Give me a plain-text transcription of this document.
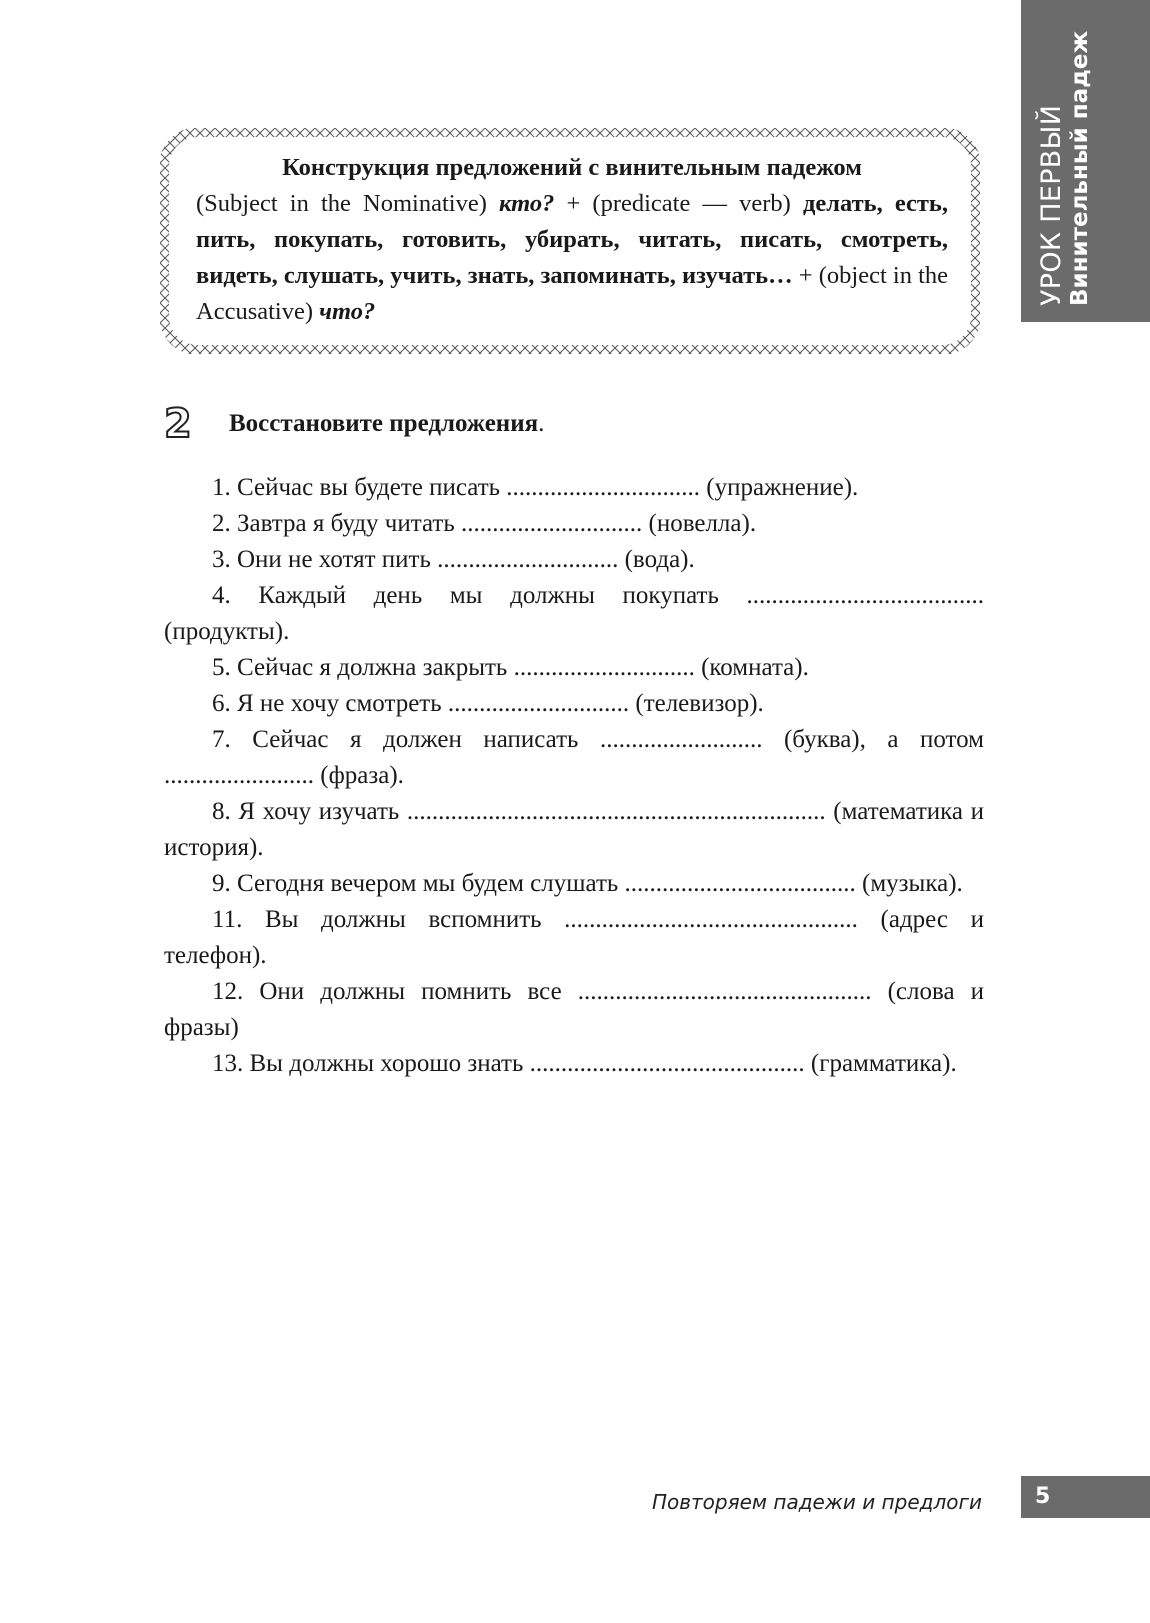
УРОК ПЕРВЫЙ Винительный падеж
Конструкция предложений с винительным падежом
(Subject in the Nominative) кто? + (predicate — verb) делать, есть, пить, покупать, готовить, убирать, читать, писать, смотреть, видеть, слушать, учить, знать, запоминать, изучать… + (object in the Accusative) что?
2 Восстановите предложения.

1. Сейчас вы будете писать ............................... (упражнение).

2. Завтра я буду читать ............................. (новелла).

3. Они не хотят пить ............................. (вода).

4. Каждый день мы должны покупать ...................................... (продукты).

5. Сейчас я должна закрыть ............................. (комната).

6. Я не хочу смотреть ............................. (телевизор).

7. Сейчас я должен написать .......................... (буква), а потом ........................ (фраза).

8. Я хочу изучать ................................................................... (математика и история).

9. Сегодня вечером мы будем слушать ..................................... (музыка).

11. Вы должны вспомнить ............................................... (адрес и телефон).

12. Они должны помнить все ............................................... (слова и фразы)

13. Вы должны хорошо знать ............................................ (грамматика).

Повторяем падежи и предлоги 5
